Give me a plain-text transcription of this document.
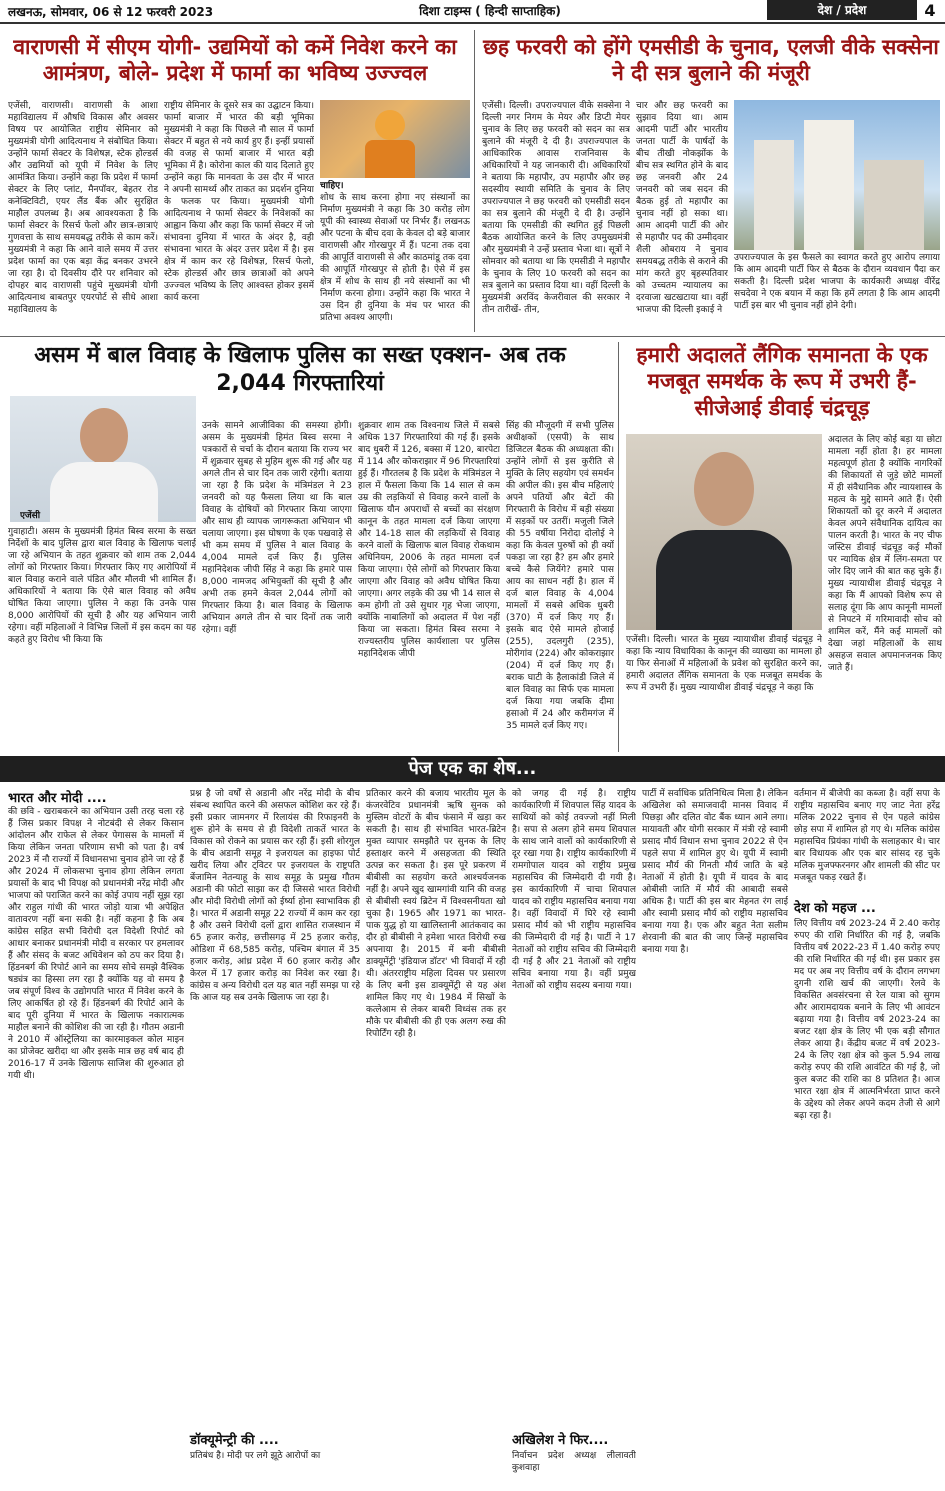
लखनऊ, सोमवार, 06 से 12 फरवरी 2023	दिशा टाइम्स ( हिन्दी साप्ताहिक)	देश / प्रदेश	4
वाराणसी में सीएम योगी- उद्यमियों को कमें निवेश करने का आमंत्रण, बोले- प्रदेश में फार्मा का भविष्य उज्ज्वल
एजेंसी, वाराणसी। वाराणसी के आशा महाविद्यालय में औषधि विकास और अवसर विषय पर आयोजित राष्ट्रीय सेमिनार को मुख्यमंत्री योगी आदित्यनाथ ने संबोधित किया। उन्होंने फार्मा सेक्टर के विशेषज्ञ, स्टेक होल्डर्स और उद्यमियों को यूपी में निवेश के लिए आमंत्रित किया। उन्होंने कहा कि प्रदेश में फार्मा सेक्टर के लिए प्लांट, मैनपॉवर, बेहतर रोड कनेक्टिविटी, एयर लैंड बैंक और सुरक्षित माहौल उपलब्ध है। अब आवश्यकता है कि फार्मा सेक्टर के रिसर्च फेलो और छात्र-छात्राएं गुणवत्ता के साथ समयबद्ध तरीके से काम करें। मुख्यमंत्री ने कहा कि आने वाले समय में उत्तर प्रदेश फार्मा का एक बड़ा केंद्र बनकर उभरने जा रहा है। दो दिवसीय दौरे पर शनिवार को दोपहर बाद वाराणसी पहुंचे मुख्यमंत्री योगी आदित्यनाथ बाबतपुर एयरपोर्ट से सीधे आशा महाविद्यालय के
राष्ट्रीय सेमिनार के दूसरे सत्र का उद्घाटन किया। फार्मा बाजार में भारत की बड़ी भूमिका मुख्यमंत्री ने कहा कि पिछले नौ साल में फार्मा सेक्टर में बहुत से नये कार्य हुए हैं। इन्हीं प्रयासों की वजह से फार्मा बाजार में भारत बड़ी भूमिका में है। कोरोना काल की याद दिलाते हुए उन्होंने कहा कि मानवता के उस दौर में भारत ने अपनी सामर्थ्य और ताकत का प्रदर्शन दुनिया के फलक पर किया। मुख्यमंत्री योगी आदित्यनाथ ने फार्मा सेक्टर के निवेशकों का आह्वान किया और कहा कि फार्मा सेक्टर में जो संभावना दुनिया में भारत के अंदर है, वही संभावना भारत के अंदर उत्तर प्रदेश में है। इस क्षेत्र में काम कर रहे विशेषज्ञ, रिसर्च फेलो, स्टेक होल्डर्स और छात्र छात्राओं को अपने उज्ज्वल भविष्य के लिए आश्वस्त होकर इसमें कार्य करना
चाहिए।
शोध के साथ करना होगा नए संस्थानों का निर्माण मुख्यमंत्री ने कहा कि 30 करोड़ लोग यूपी की स्वास्थ्य सेवाओं पर निर्भर हैं। लखनऊ और पटना के बीच दवा के केवल दो बड़े बाजार वाराणसी और गोरखपुर में हैं। पटना तक दवा की आपूर्ति वाराणसी से और काठमांडू तक दवा की आपूर्ति गोरखपुर से होती है। ऐसे में इस क्षेत्र में शोध के साथ ही नये संस्थानों का भी निर्माण करना होगा। उन्होंने कहा कि भारत ने उस दिन ही दुनिया के मंच पर भारत की प्रतिभा अवश्य आएगी।
छह फरवरी को होंगे एमसीडी के चुनाव, एलजी वीके सक्सेना ने दी सत्र बुलाने की मंजूरी
एजेंसी। दिल्ली। उपराज्यपाल वीके सक्सेना ने दिल्ली नगर निगम के मेयर और डिप्टी मेयर चुनाव के लिए छह फरवरी को सदन का सत्र बुलाने की मंजूरी दे दी है। उपराज्यपाल के आधिकारिक आवास राजनिवास के अधिकारियों ने यह जानकारी दी। अधिकारियों ने बताया कि महापौर, उप महापौर और छह सदस्यीय स्थायी समिति के चुनाव के लिए उपराज्यपाल ने छह फरवरी को एमसीडी सदन का सत्र बुलाने की मंजूरी दे दी है। उन्होंने बताया कि एमसीडी की स्थगित हुई पिछली बैठक आयोजित करने के लिए उपमुख्यमंत्री और मुख्यमंत्री ने उन्हें प्रस्ताव भेजा था। सूत्रों ने सोमवार को बताया था कि एमसीडी ने महापौर के चुनाव के लिए 10 फरवरी को सदन का सत्र बुलाने का प्रस्ताव दिया था। वहीं दिल्ली के मुख्यमंत्री अरविंद केजरीवाल की सरकार ने तीन तारीखें- तीन,
चार और छह फरवरी का सुझाव दिया था। आम आदमी पार्टी और भारतीय जनता पार्टी के पार्षदों के बीच तीखी नोकझोंक के बीच सत्र स्थगित होने के बाद छह जनवरी और 24 जनवरी को जब सदन की बैठक हुई तो महापौर का चुनाव नहीं हो सका था। आम आदमी पार्टी की ओर से महापौर पद की उम्मीदवार शैली ओबराय ने चुनाव समयबद्ध तरीके से कराने की मांग करते हुए बृहस्पतिवार को उच्चतम न्यायालय का दरवाजा खटखटाया था। वहीं भाजपा की दिल्ली इकाई ने
उपराज्यपाल के इस फैसले का स्वागत करते हुए आरोप लगाया कि आम आदमी पार्टी फिर से बैठक के दौरान व्यवधान पैदा कर सकती है। दिल्ली प्रदेश भाजपा के कार्यकारी अध्यक्ष वीरेंद्र सचदेवा ने एक बयान में कहा कि हमें लगता है कि आम आदमी पार्टी इस बार भी चुनाव नहीं होने देगी।
असम में बाल विवाह के खिलाफ पुलिस का सख्त एक्शन- अब तक 2,044 गिरफ्तारियां
एजेंसी
गुवाहाटी। असम के मुख्यमंत्री हिमंत बिस्व सरमा के सख्त निर्देशों के बाद पुलिस द्वारा बाल विवाह के खिलाफ चलाई जा रहे अभियान के तहत शुक्रवार को शाम तक 2,044 लोगों को गिरफ्तार किया। गिरफ्तार किए गए आरोपियों में बाल विवाह कराने वाले पंडित और मौलवी भी शामिल हैं। अधिकारियों ने बताया कि ऐसे बाल विवाह को अवैध घोषित किया जाएगा। पुलिस ने कहा कि उनके पास 8,000 आरोपियों की सूची है और यह अभियान जारी रहेगा। वहीं महिलाओं ने विभिन्न जिलों में इस कदम का यह कहते हुए विरोध भी किया कि
उनके सामने आजीविका की समस्या होगी। असम के मुख्यमंत्री हिमंत बिस्व सरमा ने पत्रकारों से चर्चा के दौरान बताया कि राज्य भर में शुक्रवार सुबह से मुहिम शुरू की गई और यह अगले तीन से चार दिन तक जारी रहेगी। बताया जा रहा है कि प्रदेश के मंत्रिमंडल ने 23 जनवरी को यह फैसला लिया था कि बाल विवाह के दोषियों को गिरफ्तार किया जाएगा और साथ ही व्यापक जागरूकता अभियान भी चलाया जाएगा। इस घोषणा के एक पखवाड़े से भी कम समय में पुलिस ने बाल विवाह के 4,004 मामले दर्ज किए हैं। पुलिस महानिदेशक जीपी सिंह ने कहा कि हमारे पास 8,000 नामजद अभियुक्तों की सूची है और अभी तक हमने केवल 2,044 लोगों को गिरफ्तार किया है। बाल विवाह के खिलाफ अभियान अगले तीन से चार दिनों तक जारी रहेगा। वहीं
शुक्रवार शाम तक विश्वनाथ जिले में सबसे अधिक 137 गिरफ्तारियां की गई हैं। इसके बाद धुबरी में 126, बक्सा में 120, बारपेटा में 114 और कोकराझार में 96 गिरफ्तारियां हुई हैं। गौरतलब है कि प्रदेश के मंत्रिमंडल ने हाल में फैसला किया कि 14 साल से कम उम्र की लड़कियों से विवाह करने वालों के खिलाफ यौन अपराधों से बच्चों का संरक्षण कानून के तहत मामला दर्ज किया जाएगा और 14-18 साल की लड़कियों से विवाह करने वालों के खिलाफ बाल विवाह रोकथाम अधिनियम, 2006 के तहत मामला दर्ज किया जाएगा। ऐसे लोगों को गिरफ्तार किया जाएगा और विवाह को अवैध घोषित किया जाएगा। अगर लड़के की उम्र भी 14 साल से कम होगी तो उसे सुधार गृह भेजा जाएगा, क्योंकि नाबालिगों को अदालत में पेश नहीं किया जा सकता। हिमंत बिस्व सरमा ने राज्यस्तरीय पुलिस कार्यशाला पर पुलिस महानिदेशक जीपी
सिंह की मौजूदगी में सभी पुलिस अधीक्षकों (एसपी) के साथ डिजिटल बैठक की अध्यक्षता की। उन्होंने लोगों से इस कुरीति से मुक्ति के लिए सहयोग एवं समर्थन की अपील की। इस बीच महिलाएं अपने पतियों और बेटों की गिरफ्तारी के विरोध में बड़ी संख्या में सड़कों पर उतरीं। मजुली जिले की 55 वर्षीया निरोदा दोलोई ने कहा कि केवल पुरुषों को ही क्यों पकड़ा जा रहा है? हम और हमारे बच्चे कैसे जियेंगे? हमारे पास आय का साधन नहीं है। हाल में दर्ज बाल विवाह के 4,004 मामलों में सबसे अधिक धुबरी (370) में दर्ज किए गए हैं। इसके बाद ऐसे मामले होजाई (255), उदलगुरी (235), मोरीगांव (224) और कोकराझार (204) में दर्ज किए गए हैं। बराक घाटी के हैलाकांडी जिले में बाल विवाह का सिर्फ एक मामला दर्ज किया गया जबकि दीमा हसाओ में 24 और करीमगंज में 35 मामले दर्ज किए गए।
हमारी अदालतें लैंगिक समानता के एक मजबूत समर्थक के रूप में उभरी हैं- सीजेआई डीवाई चंद्रचूड़
एजेंसी। दिल्ली। भारत के मुख्य न्यायाधीश डीवाई चंद्रचूड़ ने कहा कि न्याय विधायिका के कानून की व्याख्या का मामला हो या फिर सेनाओं में महिलाओं के प्रवेश को सुरक्षित करने का, हमारी अदालत लैंगिक समानता के एक मजबूत समर्थक के रूप में उभरी हैं। मुख्य न्यायाधीश डीवाई चंद्रचूड़ ने कहा कि
अदालत के लिए कोई बड़ा या छोटा मामला नहीं होता है। हर मामला महत्वपूर्ण होता है क्योंकि नागरिकों की शिकायतों से जुड़े छोटे मामलों में ही संवैधानिक और न्यायशास्त्र के महत्व के मुद्दे सामने आते हैं। ऐसी शिकायतों को दूर करने में अदालत केवल अपने संवैधानिक दायित्व का पालन करती है। भारत के नए चीफ जस्टिस डीवाई चंद्रचूड़ कई मौकों पर न्यायिक क्षेत्र में लिंग-समता पर जोर दिए जाने की बात कह चुके हैं। मुख्य न्यायाधीश डीवाई चंद्रचूड़ ने कहा कि मैं आपको विशेष रूप से सलाह दूंगा कि आप कानूनी मामलों से निपटने में गरिमावादी सोच को शामिल करें, मैंने कई मामलों को देखा जहां महिलाओं के साथ असहज सवाल अपमानजनक किए जाते हैं।
पेज एक का शेष...
भारत और मोदी ....
की छवि - खराबकरने का अभियान उसी तरह चला रहे हैं जिस प्रकार विपक्ष ने नोटबंदी से लेकर किसान आंदोलन और राफेल से लेकर पेगासस के मामलों में किया लेकिन जनता परिणाम सभी को पता है। वर्ष 2023 में नौ राज्यों में विधानसभा चुनाव होने जा रहे हैं और 2024 में लोकसभा चुनाव होगा लेकिन लगता प्रयासों के बाद भी विपक्ष को प्रधानमंत्री नरेंद्र मोदी और भाजपा को पराजित करने का कोई उपाय नहीं सूझ रहा और राहुल गांधी की भारत जोड़ो यात्रा भी अपेक्षित वातावरण नहीं बना सकी है। नहीं कहना है कि अब कांग्रेस सहित सभी विरोधी दल विदेशी रिपोर्ट को आधार बनाकर प्रधानमंत्री मोदी व सरकार पर हमलावर हैं और संसद के बजट अधिवेशन को ठप कर दिया है। हिंडनबर्ग की रिपोर्ट आने का समय सोचे समझे वैश्विक षड्यंत्र का हिस्सा लग रहा है क्योंकि यह वो समय है जब संपूर्ण विश्व के उद्योगपति भारत में निवेश करने के लिए आकर्षित हो रहे हैं। हिंडनबर्ग की रिपोर्ट आने के बाद पूरी दुनिया में भारत के खिलाफ नकारात्मक माहौल बनाने की कोशिश की जा रही है। गौतम अडानी ने 2010 में ऑस्ट्रेलिया का कारमाइकल कोल माइन का प्रोजेक्ट खरीदा था और इसके मात्र छह वर्ष बाद ही 2016-17 में उनके खिलाफ साजिश की शुरुआत हो गयी थी।
प्रश्न है जो वर्षों से अडानी और नरेंद्र मोदी के बीच संबन्ध स्थापित करने की असफल कोशिश कर रहे हैं। इसी प्रकार जामनगर में रिलायंस की रिफाइनरी के शुरू होने के समय से ही विदेशी ताकतें भारत के विकास को रोकने का प्रयास कर रही हैं। इसी शोरगुल के बीच अडानी समूह ने इजरायल का हाइफा पोर्ट खरीद लिया और ट्विटर पर इजरायल के राष्ट्रपति बेंजामिन नेतन्याहू के साथ समूह के प्रमुख गौतम अडानी की फोटो साझा कर दी जिससे भारत विरोधी और मोदी विरोधी लोगों को ईर्ष्या होना स्वाभाविक ही है। भारत में अडानी समूह 22 राज्यों में काम कर रहा है और उसने विरोधी दलों द्वारा शासित राजस्थान में 65 हजार करोड़, छत्तीसगढ़ में 25 हजार करोड़, ओडिशा में 68,585 करोड़, पश्चिम बंगाल में 35 हजार करोड़, आंध्र प्रदेश में 60 हजार करोड़ और केरल में 17 हजार करोड़ का निवेश कर रखा है। कांग्रेस व अन्य विरोधी दल यह बात नहीं समझ पा रहे कि आज यह सब उनके खिलाफ जा रहा है।
डॉक्यूमेन्ट्री की ....
प्रतिबंध है। मोदी पर लगे झूठे आरोपों का
प्रतिकार करने की बजाय भारतीय मूल के कंजरवेटिव प्रधानमंत्री ऋषि सुनक को मुस्लिम वोटरों के बीच फंसाने में खड़ा कर सकती है। साथ ही संभावित भारत-ब्रिटेन मुक्त व्यापार समझौते पर सुनक के लिए हस्ताक्षर करने में असहजता की स्थिति उत्पन्न कर सकता है। इस पूरे प्रकरण में बीबीसी का सहयोग करते आश्चर्यजनक नहीं है। अपने खुद खामगांवी यानि की वजह से बीबीसी स्वयं ब्रिटेन में विश्वसनीयता खो चुका है। 1965 और 1971 का भारत-पाक युद्ध हो या खालिस्तानी आतंकवाद का दौर हो बीबीसी ने हमेशा भारत विरोधी रुख अपनाया है। 2015 में बनी बीबीसी डाक्यूमेंट्री 'इंडियाज डॉटर' भी विवादों में रही थी। अंतरराष्ट्रीय महिला दिवस पर प्रसारण के लिए बनी इस डाक्यूमेंट्री से यह अंश शामिल किए गए थे। 1984 में सिखों के कत्लेआम से लेकर बाबरी विध्वंस तक हर मौके पर बीबीसी की ही एक अलग रुख की रिपोर्टिंग रही है।
को जगह दी गई है। राष्ट्रीय कार्यकारिणी में शिवपाल सिंह यादव के साथियों को कोई तवज्जो नहीं मिली है। सपा से अलग होने समय शिवपाल के साथ जाने वालों को कार्यकारिणी से दूर रखा गया है। राष्ट्रीय कार्यकारिणी में रामगोपाल यादव को राष्ट्रीय प्रमुख महासचिव की जिम्मेदारी दी गयी है। इस कार्यकारिणी में चाचा शिवपाल यादव को राष्ट्रीय महासचिव बनाया गया है। वहीं विवादों में घिरे रहे स्वामी प्रसाद मौर्य को भी राष्ट्रीय महासचिव की जिम्मेदारी दी गई है। पार्टी ने 17 नेताओं को राष्ट्रीय सचिव की जिम्मेदारी दी गई है और 21 नेताओं को राष्ट्रीय सचिव बनाया गया है। वहीं प्रमुख नेताओं को राष्ट्रीय सदस्य बनाया गया।
अखिलेश ने फिर....
निर्वाचन प्रदेश अध्यक्ष लीलावती कुशवाहा
पार्टी में सर्वाधिक प्रतिनिधित्व मिला है। लेकिन अखिलेश को समाजवादी मानस विवाद में पिछड़ा और दलित वोट बैंक ध्यान आने लगा। मायावती और योगी सरकार में मंत्री रहे स्वामी प्रसाद मौर्य विधान सभा चुनाव 2022 से ऐन पहले सपा में शामिल हुए थे। यूपी में स्वामी प्रसाद मौर्य की गिनती मौर्य जाति के बड़े नेताओं में होती है। यूपी में यादव के बाद ओबीसी जाति में मौर्य की आबादी सबसे अधिक है। पार्टी की इस बार मेहनत रंग लाई और स्वामी प्रसाद मौर्य को राष्ट्रीय महासचिव बनाया गया है। एक और बहुत नेता सलीम शेरवानी की बात की जाए जिन्हें महासचिव बनाया गया है।
वर्तमान में बीजेपी का कब्जा है। वहीं सपा के राष्ट्रीय महासचिव बनाए गए जाट नेता हरेंद्र मलिक 2022 चुनाव से ऐन पहले कांग्रेस छोड़ सपा में शामिल हो गए थे। मलिक कांग्रेस महासचिव प्रियंका गांधी के सलाहकार थे। चार बार विधायक और एक बार सांसद रह चुके मलिक मुजफ्फरनगर और शामली की सीट पर मजबूत पकड़ रखते हैं।
देश को महज ...
लिए वित्तीय वर्ष 2023-24 में 2.40 करोड़ रुपए की राशि निर्धारित की गई है, जबकि वित्तीय वर्ष 2022-23 में 1.40 करोड़ रुपए की राशि निर्धारित की गई थी। इस प्रकार इस मद पर अब नए वित्तीय वर्ष के दौरान लगभग दुगनी राशि खर्च की जाएगी। रेलवे के विकसित अवसंरचना से रेल यात्रा को सुगम और आरामदायक बनाने के लिए भी आवंटन बढ़ाया गया है। वित्तीय वर्ष 2023-24 का बजट रक्षा क्षेत्र के लिए भी एक बड़ी सौगात लेकर आया है। केंद्रीय बजट में वर्ष 2023-24 के लिए रक्षा क्षेत्र को कुल 5.94 लाख करोड़ रुपए की राशि आवंटित की गई है, जो कुल बजट की राशि का 8 प्रतिशत है। आज भारत रक्षा क्षेत्र में आत्मनिर्भरता प्राप्त करने के उद्देश्य को लेकर अपने कदम तेजी से आगे बढ़ा रहा है।
